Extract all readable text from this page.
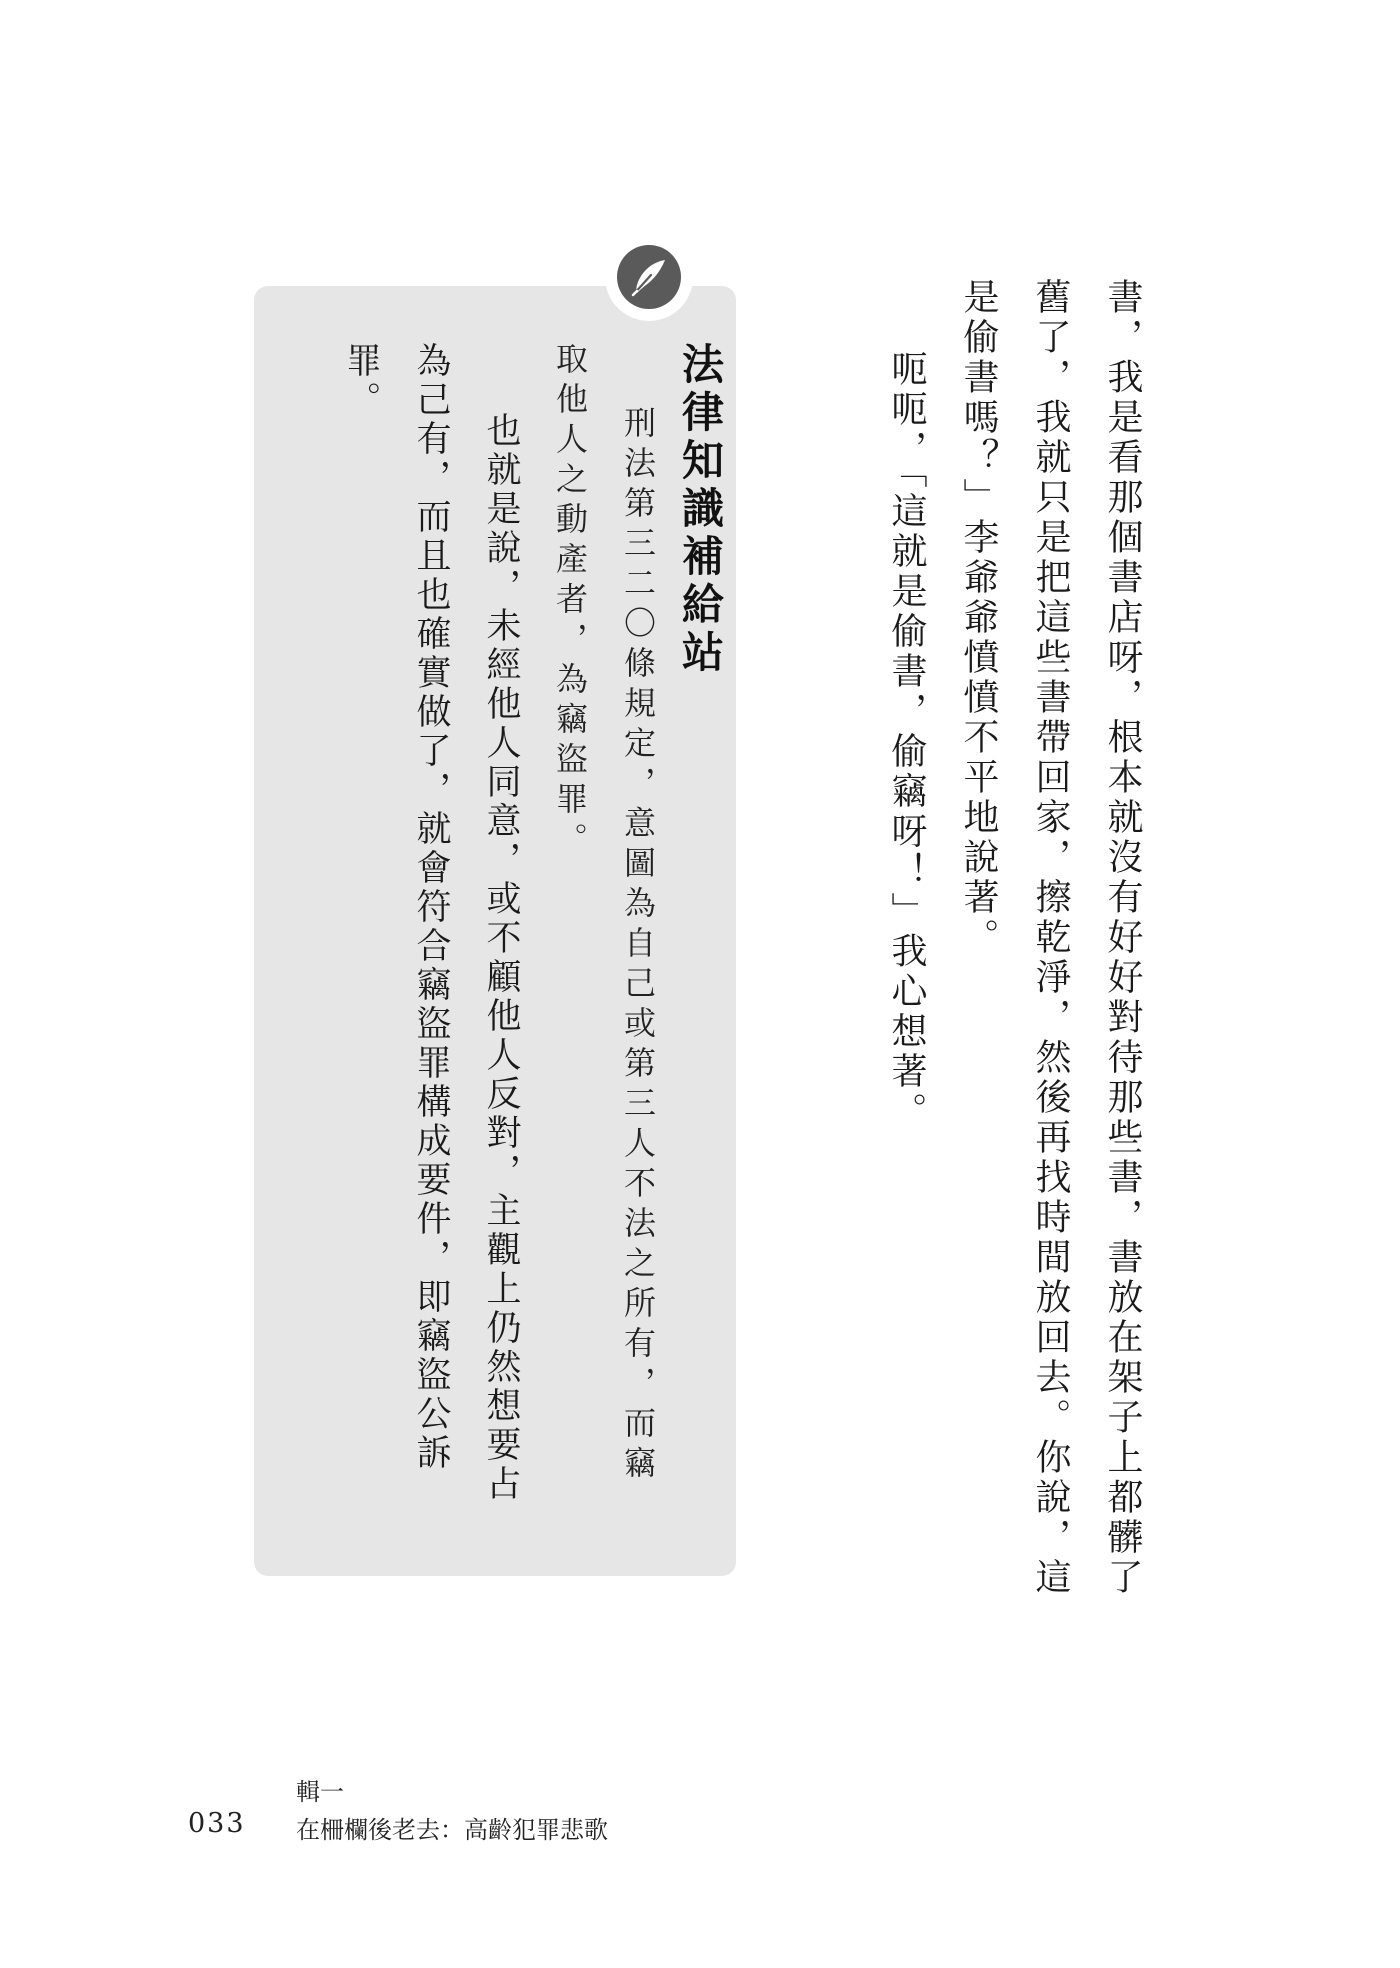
書，我是看那個書店呀，根本就沒有好好對待那些書，書放在架子上都髒了舊了，我就只是把這些書帶回家，擦乾淨，然後再找時間放回去。你說，這是偷書嗎？」李爺爺憤憤不平地說著。

呃呃，「這就是偷書，偷竊呀！」我心想著。

法律知識補給站

刑法第三二〇條規定，意圖為自己或第三人不法之所有，而竊取他人之動產者，為竊盜罪。

也就是說，未經他人同意，或不顧他人反對，主觀上仍然想要占為己有，而且也確實做了，就會符合竊盜罪構成要件，即竊盜公訴罪。

033
輯一
在柵欄後老去：高齡犯罪悲歌
